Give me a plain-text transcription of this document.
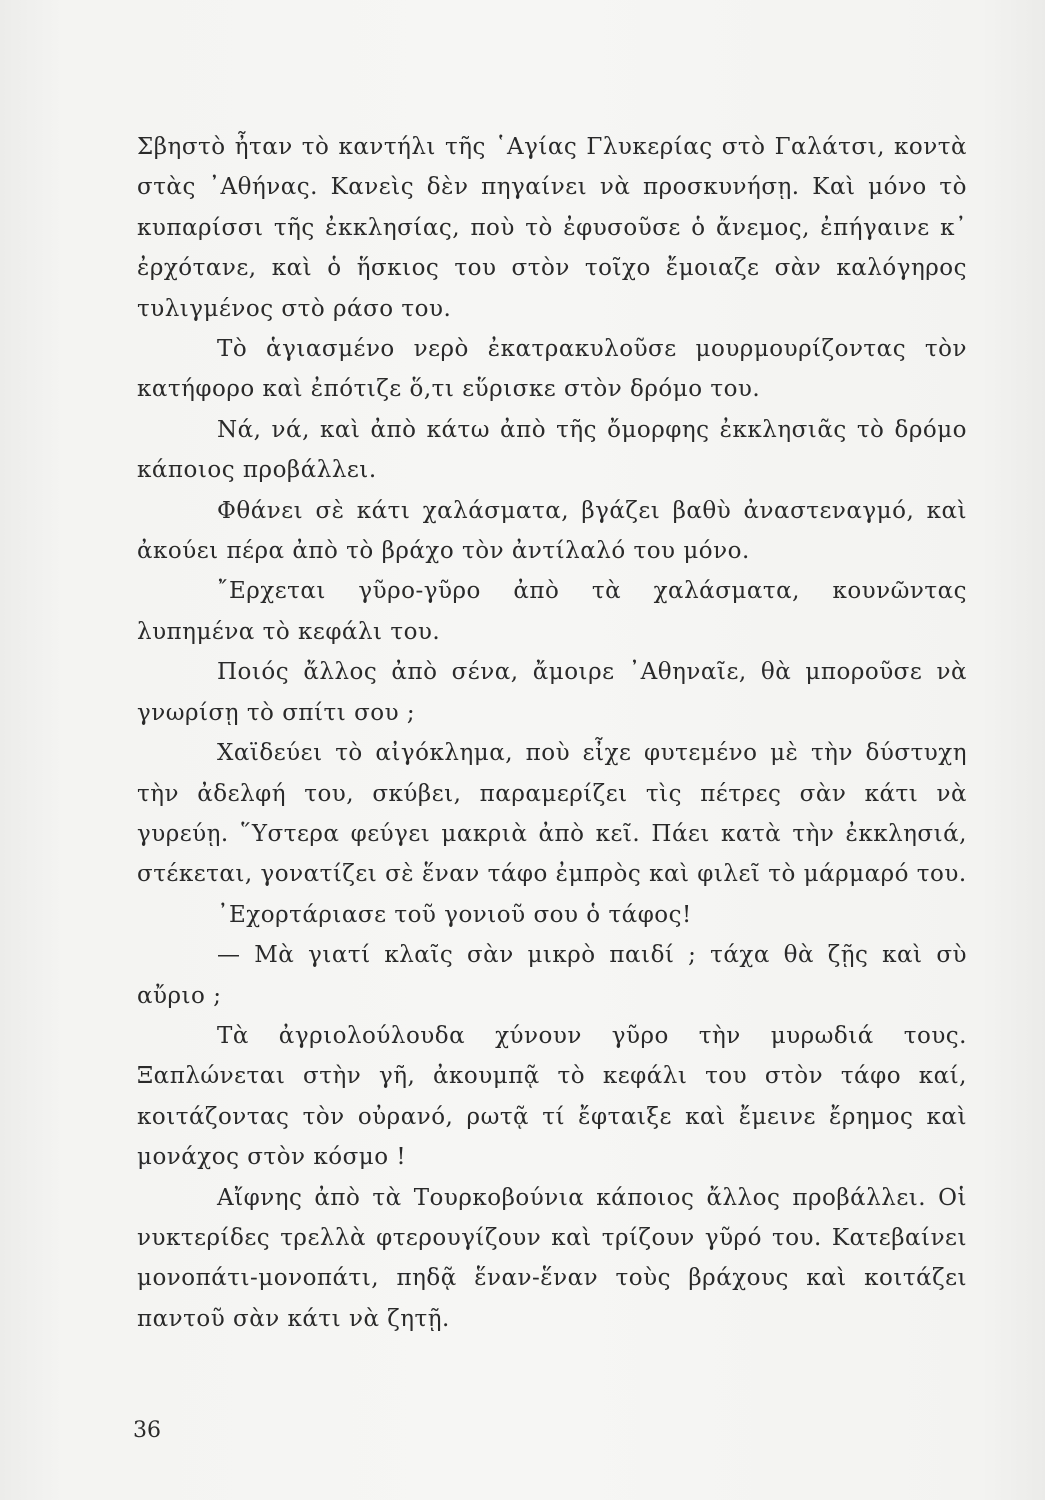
Σβηστὸ ἦταν τὸ καντήλι τῆς ῾Αγίας Γλυκερίας στὸ Γαλάτσι, κοντὰ στὰς ᾿Αθήνας. Κανεὶς δὲν πηγαίνει νὰ προσκυνήσῃ. Καὶ μόνο τὸ κυπαρίσσι τῆς ἐκκλησίας, ποὺ τὸ ἐφυσοῦσε ὁ ἄνεμος, ἐπήγαινε κ᾿ ἐρχότανε, καὶ ὁ ἥσκιος του στὸν τοῖχο ἔμοιαζε σὰν καλόγηρος τυλιγμένος στὸ ράσο του.

Τὸ ἁγιασμένο νερὸ ἐκατρακυλοῦσε μουρμουρίζοντας τὸν κατήφορο καὶ ἐπότιζε ὅ,τι εὕρισκε στὸν δρόμο του.

Νά, νά, καὶ ἀπὸ κάτω ἀπὸ τῆς ὄμορφης ἐκκλησιᾶς τὸ δρόμο κάποιος προβάλλει.

Φθάνει σὲ κάτι χαλάσματα, βγάζει βαθὺ ἀναστεναγμό, καὶ ἀκούει πέρα ἀπὸ τὸ βράχο τὸν ἀντίλαλό του μόνο.

῎Ερχεται γῦρο-γῦρο ἀπὸ τὰ χαλάσματα, κουνῶντας λυπημένα τὸ κεφάλι του.

Ποιός ἄλλος ἀπὸ σένα, ἄμοιρε ᾿Αθηναῖε, θὰ μποροῦσε νὰ γνωρίσῃ τὸ σπίτι σου ;

Χαϊδεύει τὸ αἰγόκλημα, ποὺ εἶχε φυτεμένο μὲ τὴν δύστυχη τὴν ἀδελφή του, σκύβει, παραμερίζει τὶς πέτρες σὰν κάτι νὰ γυρεύῃ. ῞Υστερα φεύγει μακριὰ ἀπὸ κεῖ. Πάει κατὰ τὴν ἐκκλησιά, στέκεται, γονατίζει σὲ ἕναν τάφο ἐμπρὸς καὶ φιλεῖ τὸ μάρμαρό του.

᾿Εχορτάριασε τοῦ γονιοῦ σου ὁ τάφος!

— Μὰ γιατί κλαῖς σὰν μικρὸ παιδί ; τάχα θὰ ζῇς καὶ σὺ αὔριο ;

Τὰ ἀγριολούλουδα χύνουν γῦρο τὴν μυρωδιά τους. Ξαπλώνεται στὴν γῆ, ἀκουμπᾷ τὸ κεφάλι του στὸν τάφο καί, κοιτάζοντας τὸν οὐρανό, ρωτᾷ τί ἔφταιξε καὶ ἔμεινε ἔρημος καὶ μονάχος στὸν κόσμο !

Αἴφνης ἀπὸ τὰ Τουρκοβούνια κάποιος ἄλλος προβάλλει. Οἱ νυκτερίδες τρελλὰ φτερουγίζουν καὶ τρίζουν γῦρό του. Κατεβαίνει μονοπάτι-μονοπάτι, πηδᾷ ἕναν-ἕναν τοὺς βράχους καὶ κοιτάζει παντοῦ σὰν κάτι νὰ ζητῇ.

36
